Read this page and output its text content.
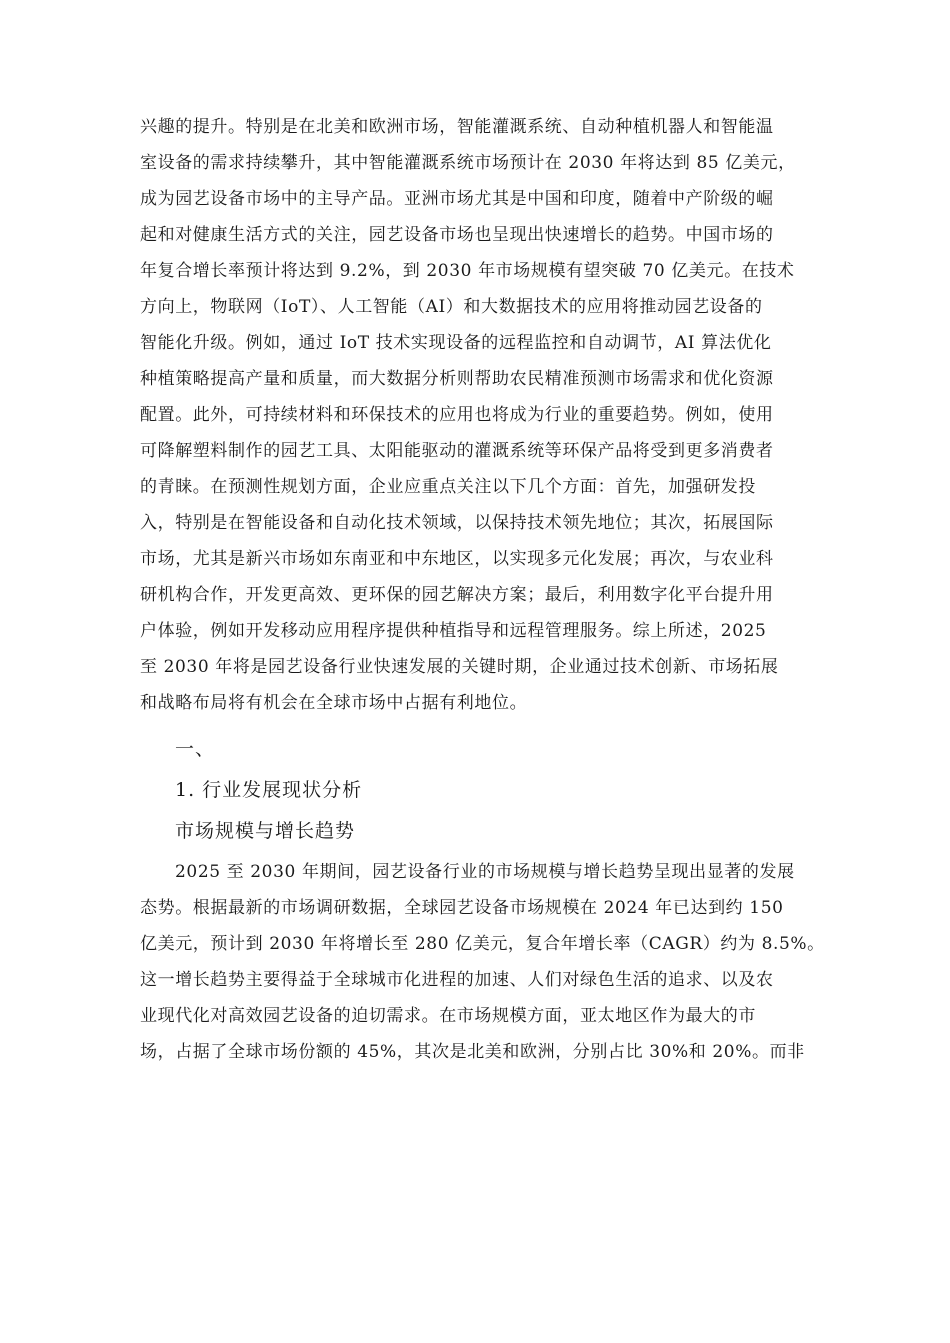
兴趣的提升。特别是在北美和欧洲市场，智能灌溉系统、自动种植机器人和智能温
室设备的需求持续攀升，其中智能灌溉系统市场预计在 2030 年将达到 85 亿美元，
成为园艺设备市场中的主导产品。亚洲市场尤其是中国和印度，随着中产阶级的崛
起和对健康生活方式的关注，园艺设备市场也呈现出快速增长的趋势。中国市场的
年复合增长率预计将达到 9.2%，到 2030 年市场规模有望突破 70 亿美元。在技术
方向上，物联网（IoT）、人工智能（AI）和大数据技术的应用将推动园艺设备的
智能化升级。例如，通过 IoT 技术实现设备的远程监控和自动调节，AI 算法优化
种植策略提高产量和质量，而大数据分析则帮助农民精准预测市场需求和优化资源
配置。此外，可持续材料和环保技术的应用也将成为行业的重要趋势。例如，使用
可降解塑料制作的园艺工具、太阳能驱动的灌溉系统等环保产品将受到更多消费者
的青睐。在预测性规划方面，企业应重点关注以下几个方面：首先，加强研发投
入，特别是在智能设备和自动化技术领域，以保持技术领先地位；其次，拓展国际
市场，尤其是新兴市场如东南亚和中东地区，以实现多元化发展；再次，与农业科
研机构合作，开发更高效、更环保的园艺解决方案；最后，利用数字化平台提升用
户体验，例如开发移动应用程序提供种植指导和远程管理服务。综上所述，2025
至 2030 年将是园艺设备行业快速发展的关键时期，企业通过技术创新、市场拓展
和战略布局将有机会在全球市场中占据有利地位。
一、
1. 行业发展现状分析
市场规模与增长趋势
2025 至 2030 年期间，园艺设备行业的市场规模与增长趋势呈现出显著的发展
态势。根据最新的市场调研数据，全球园艺设备市场规模在 2024 年已达到约 150
亿美元，预计到 2030 年将增长至 280 亿美元，复合年增长率（CAGR）约为 8.5%。
这一增长趋势主要得益于全球城市化进程的加速、人们对绿色生活的追求、以及农
业现代化对高效园艺设备的迫切需求。在市场规模方面，亚太地区作为最大的市
场，占据了全球市场份额的 45%，其次是北美和欧洲，分别占比 30%和 20%。而非
